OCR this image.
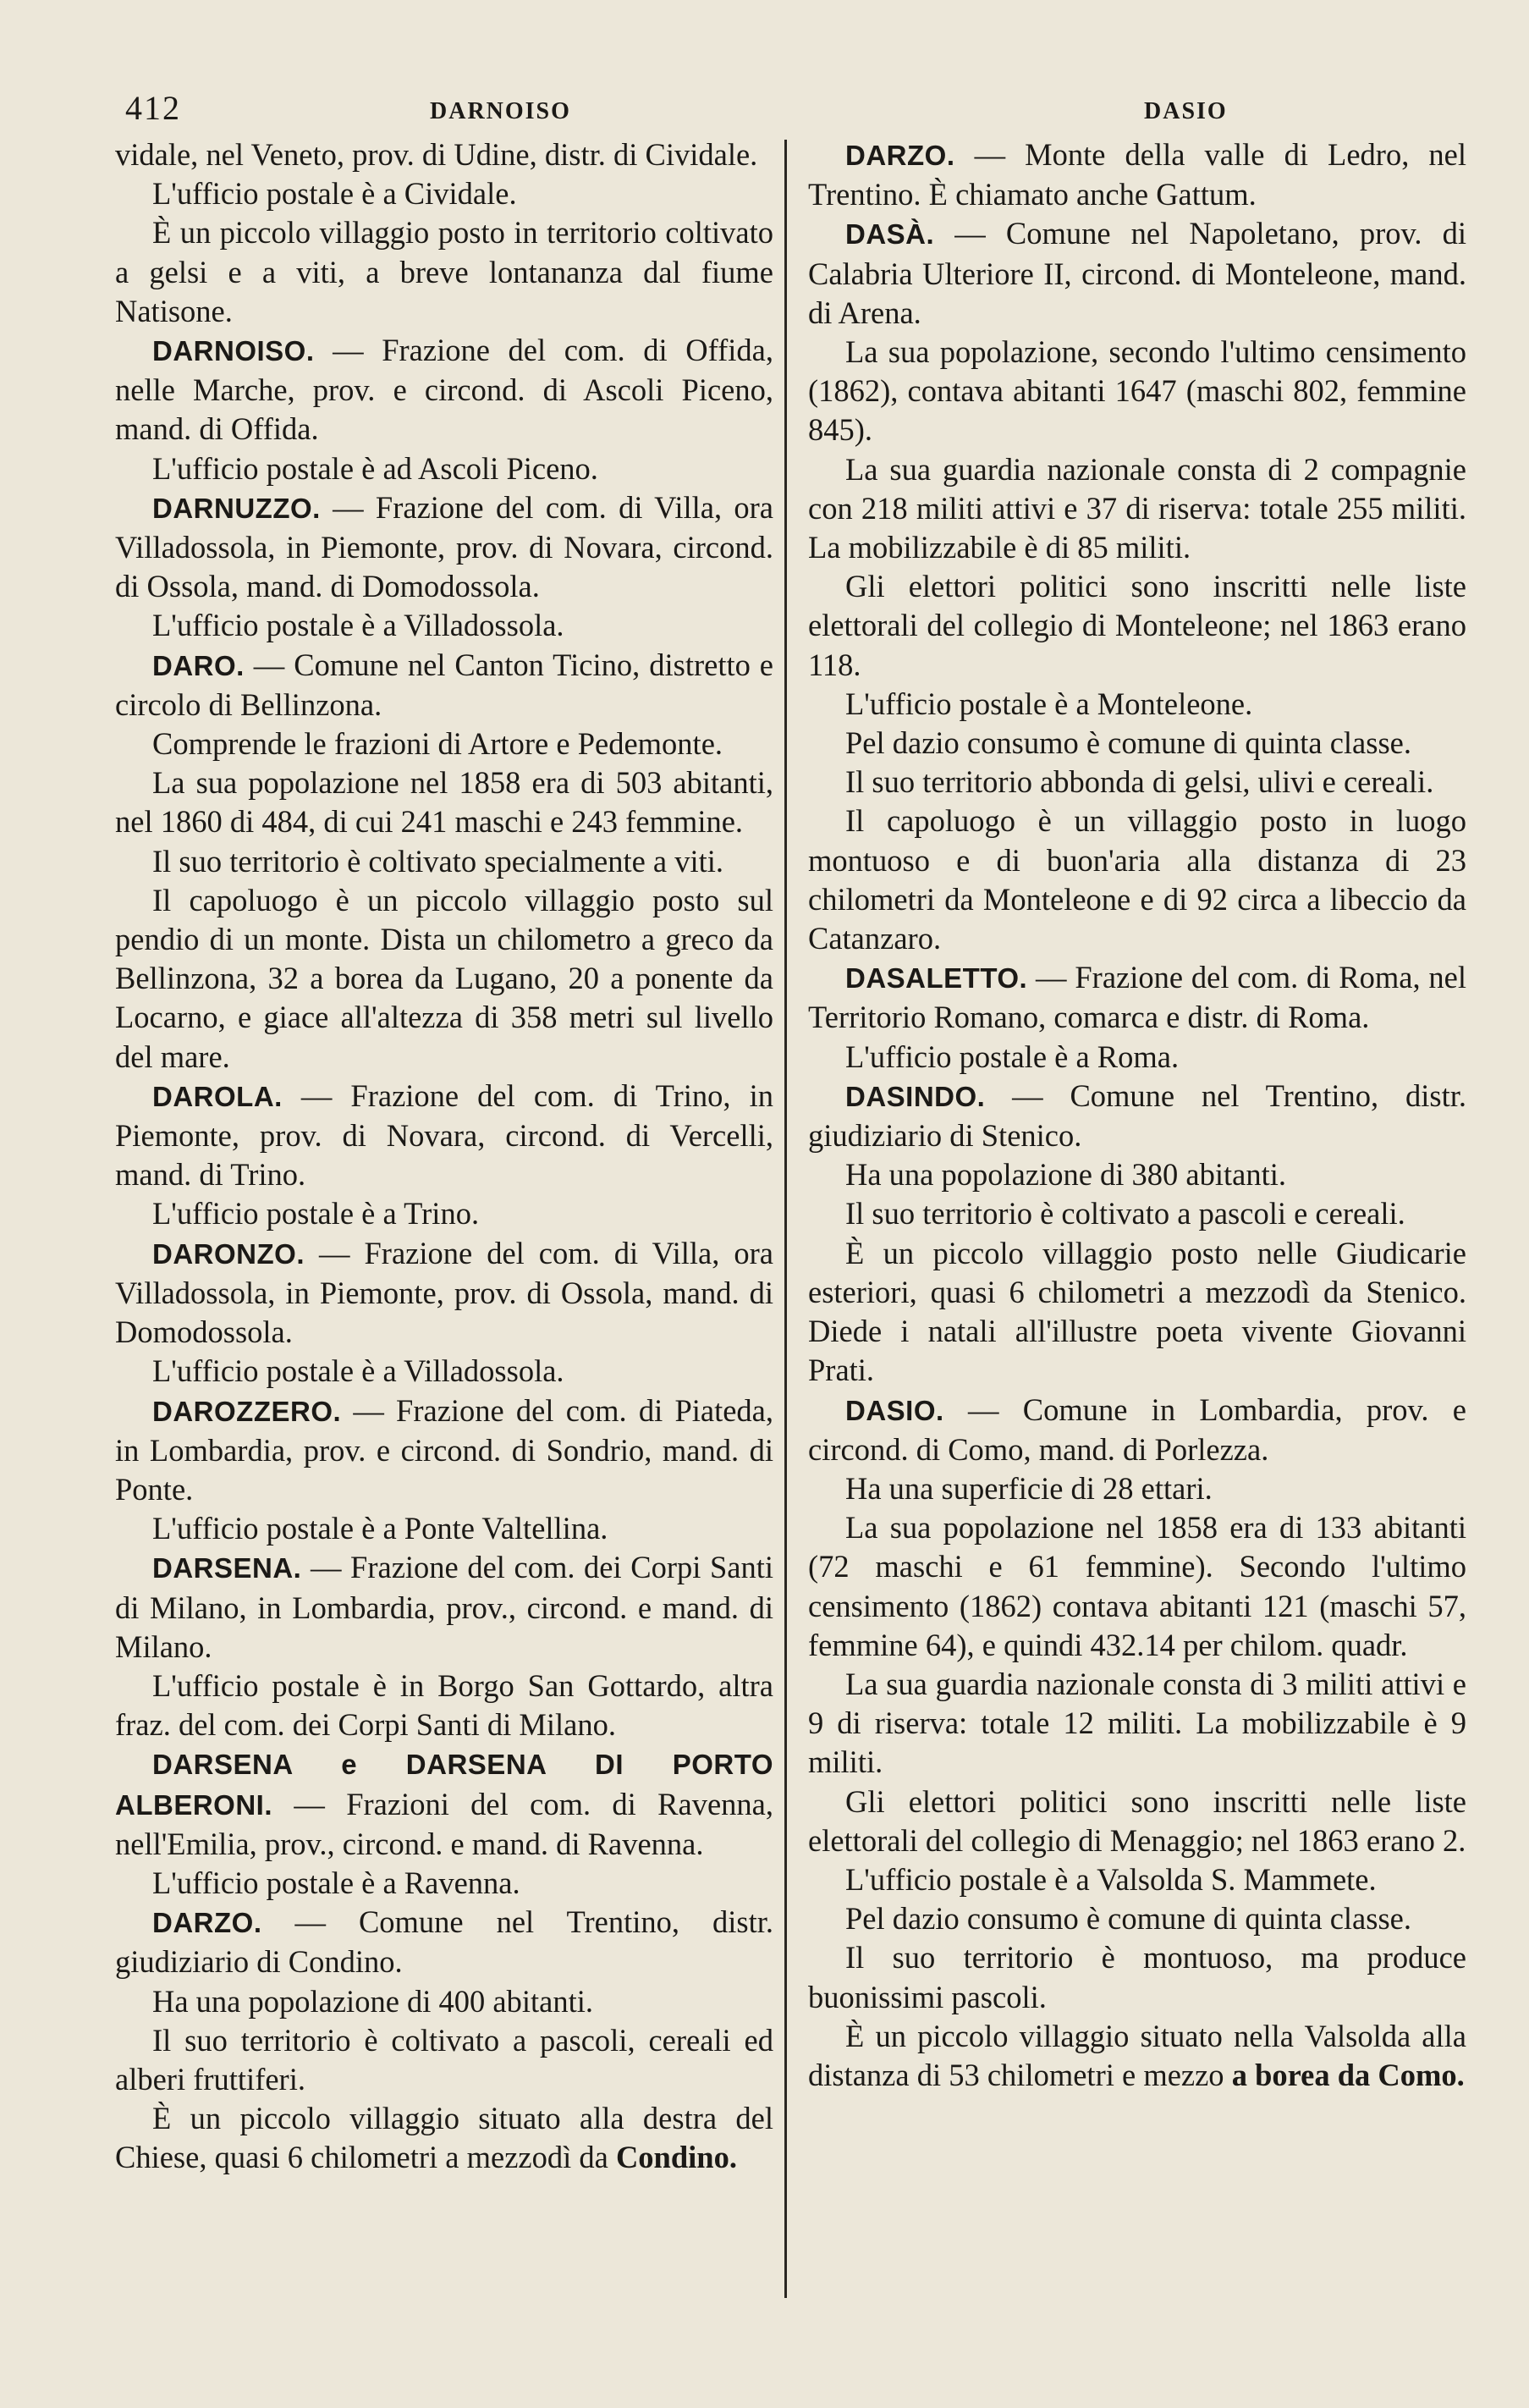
412	DARNOISO	DASIO

vidale, nel Veneto, prov. di Udine, distr. di Cividale.

L'ufficio postale è a Cividale.

È un piccolo villaggio posto in territorio coltivato a gelsi e a viti, a breve lontananza dal fiume Natisone.

DARNOISO. — Frazione del com. di Offida, nelle Marche, prov. e circond. di Ascoli Piceno, mand. di Offida.

L'ufficio postale è ad Ascoli Piceno.

DARNUZZO. — Frazione del com. di Villa, ora Villadossola, in Piemonte, prov. di Novara, circond. di Ossola, mand. di Domodossola.

L'ufficio postale è a Villadossola.

DARO. — Comune nel Canton Ticino, distretto e circolo di Bellinzona.

Comprende le frazioni di Artore e Pedemonte.

La sua popolazione nel 1858 era di 503 abitanti, nel 1860 di 484, di cui 241 maschi e 243 femmine.

Il suo territorio è coltivato specialmente a viti.

Il capoluogo è un piccolo villaggio posto sul pendio di un monte. Dista un chilometro a greco da Bellinzona, 32 a borea da Lugano, 20 a ponente da Locarno, e giace all'altezza di 358 metri sul livello del mare.

DAROLA. — Frazione del com. di Trino, in Piemonte, prov. di Novara, circond. di Vercelli, mand. di Trino.

L'ufficio postale è a Trino.

DARONZO. — Frazione del com. di Villa, ora Villadossola, in Piemonte, prov. di Ossola, mand. di Domodossola.

L'ufficio postale è a Villadossola.

DAROZZERO. — Frazione del com. di Piateda, in Lombardia, prov. e circond. di Sondrio, mand. di Ponte.

L'ufficio postale è a Ponte Valtellina.

DARSENA. — Frazione del com. dei Corpi Santi di Milano, in Lombardia, prov., circond. e mand. di Milano.

L'ufficio postale è in Borgo San Gottardo, altra fraz. del com. dei Corpi Santi di Milano.

DARSENA e DARSENA DI PORTO ALBERONI. — Frazioni del com. di Ravenna, nell'Emilia, prov., circond. e mand. di Ravenna.

L'ufficio postale è a Ravenna.

DARZO. — Comune nel Trentino, distr. giudiziario di Condino.

Ha una popolazione di 400 abitanti.

Il suo territorio è coltivato a pascoli, cereali ed alberi fruttiferi.

È un piccolo villaggio situato alla destra del Chiese, quasi 6 chilometri a mezzodì da Condino.

DARZO. — Monte della valle di Ledro, nel Trentino. È chiamato anche Gattum.

DASÀ. — Comune nel Napoletano, prov. di Calabria Ulteriore II, circond. di Monteleone, mand. di Arena.

La sua popolazione, secondo l'ultimo censimento (1862), contava abitanti 1647 (maschi 802, femmine 845).

La sua guardia nazionale consta di 2 compagnie con 218 militi attivi e 37 di riserva: totale 255 militi. La mobilizzabile è di 85 militi.

Gli elettori politici sono inscritti nelle liste elettorali del collegio di Monteleone; nel 1863 erano 118.

L'ufficio postale è a Monteleone.

Pel dazio consumo è comune di quinta classe.

Il suo territorio abbonda di gelsi, ulivi e cereali.

Il capoluogo è un villaggio posto in luogo montuoso e di buon'aria alla distanza di 23 chilometri da Monteleone e di 92 circa a libeccio da Catanzaro.

DASALETTO. — Frazione del com. di Roma, nel Territorio Romano, comarca e distr. di Roma.

L'ufficio postale è a Roma.

DASINDO. — Comune nel Trentino, distr. giudiziario di Stenico.

Ha una popolazione di 380 abitanti.

Il suo territorio è coltivato a pascoli e cereali.

È un piccolo villaggio posto nelle Giudicarie esteriori, quasi 6 chilometri a mezzodì da Stenico. Diede i natali all'illustre poeta vivente Giovanni Prati.

DASIO. — Comune in Lombardia, prov. e circond. di Como, mand. di Porlezza.

Ha una superficie di 28 ettari.

La sua popolazione nel 1858 era di 133 abitanti (72 maschi e 61 femmine). Secondo l'ultimo censimento (1862) contava abitanti 121 (maschi 57, femmine 64), e quindi 432.14 per chilom. quadr.

La sua guardia nazionale consta di 3 militi attivi e 9 di riserva: totale 12 militi. La mobilizzabile è 9 militi.

Gli elettori politici sono inscritti nelle liste elettorali del collegio di Menaggio; nel 1863 erano 2.

L'ufficio postale è a Valsolda S. Mammete.

Pel dazio consumo è comune di quinta classe.

Il suo territorio è montuoso, ma produce buonissimi pascoli.

È un piccolo villaggio situato nella Valsolda alla distanza di 53 chilometri e mezzo a borea da Como.
